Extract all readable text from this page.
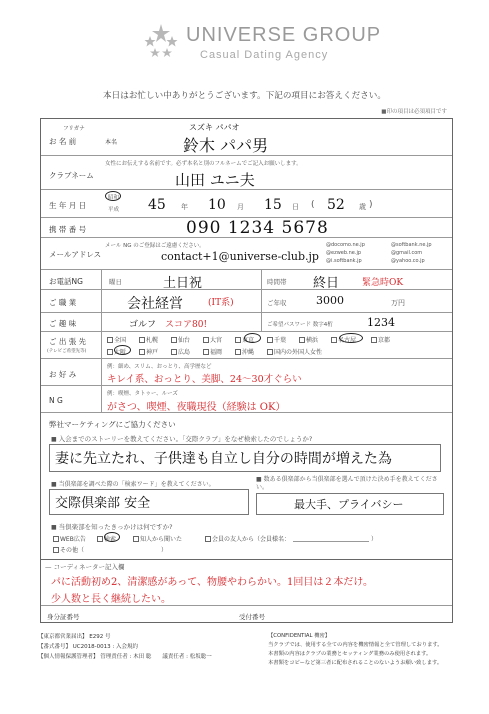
UNIVERSE GROUP
Casual Dating Agency
本日はお忙しい中ありがとうございます。下記の項目にお答えください。
■印の項目は必須項目です
フリガナ
お 名 前	本名
スズキ パパオ
鈴木 パパ男
クラブネーム
女性にお伝えする名前です。必ず本名と別のフルネームでご記入お願いします。
山田 ユニ夫
生 年 月 日
昭和
平成 45 年 10 月 15 日 ( 52 歳 )
携 帯 番 号	090 1234 5678
メールアドレス
メール NG のご登録はご遠慮ください。
contact+1@universe-club.jp
@docomo.ne.jp
@ezweb.ne.jp
@i.softbank.jp
@softbank.ne.jp
@gmail.com
@yahoo.co.jp
お電話NG	曜日	土日祝	時間帯 終日	緊急時OK
ご 職 業	会社経営	(IT系)	ご年収	3000	万円
ご 趣 味	ゴルフ スコア80!	ご希望パスワード 数字4桁	1234
ご 出 張 先
(テレビご希望先等)
全国	札幌	仙台	大宮	東京	千葉	横浜	名古屋	京都
大阪	神戸	広島	福岡	沖縄	国内の外国人女性
お 好 み
例：細め、スリム、おっとり、高学歴など
キレイ系、おっとり、美脚、24〜30才ぐらい
N G
例：喫煙、タトゥー、ルーズ
がさつ、喫煙、夜職現役（経験は OK）
弊社マーケティングにご協力ください
■ 入会までのストーリーを教えてください。「交際クラブ」をなぜ検索したのでしょうか?
妻に先立たれ、子供達も自立し自分の時間が増えた為
■ 当倶楽部を調べた際の「検索ワード」を教えてください。
交際倶楽部 安全
■ 数ある倶楽部から当倶楽部を選んで頂けた決め手を教えてください。
最大手、プライバシー
■ 当倶楽部を知ったきっかけは何ですか?
WEB広告	検索	知人から聞いた	会員の友人から（会員様名：	）
その他（	）
— コーディネーター記入欄
パに活動初め2、清潔感があって、物腰やわらかい。1回目は２本だけ。
少人数と長く継続したい。
身分証番号	受付番号
【東京都営業届出】 E292 号
【番式番号】 UC2018-0013 : 入会規約
【個人情報保護管理者】 管理責任者 : 木田 聡　　議責任者 : 松坂聡一
【CONFIDENTIAL 機密】
当クラブでは、使用する全ての内容を機密情報と全て管理しております。
本書類の内容はクラブの業務とセッティング業務のみ使用されます。
本書類をコピーなど第三者に配布されることのないようお願い致します。
